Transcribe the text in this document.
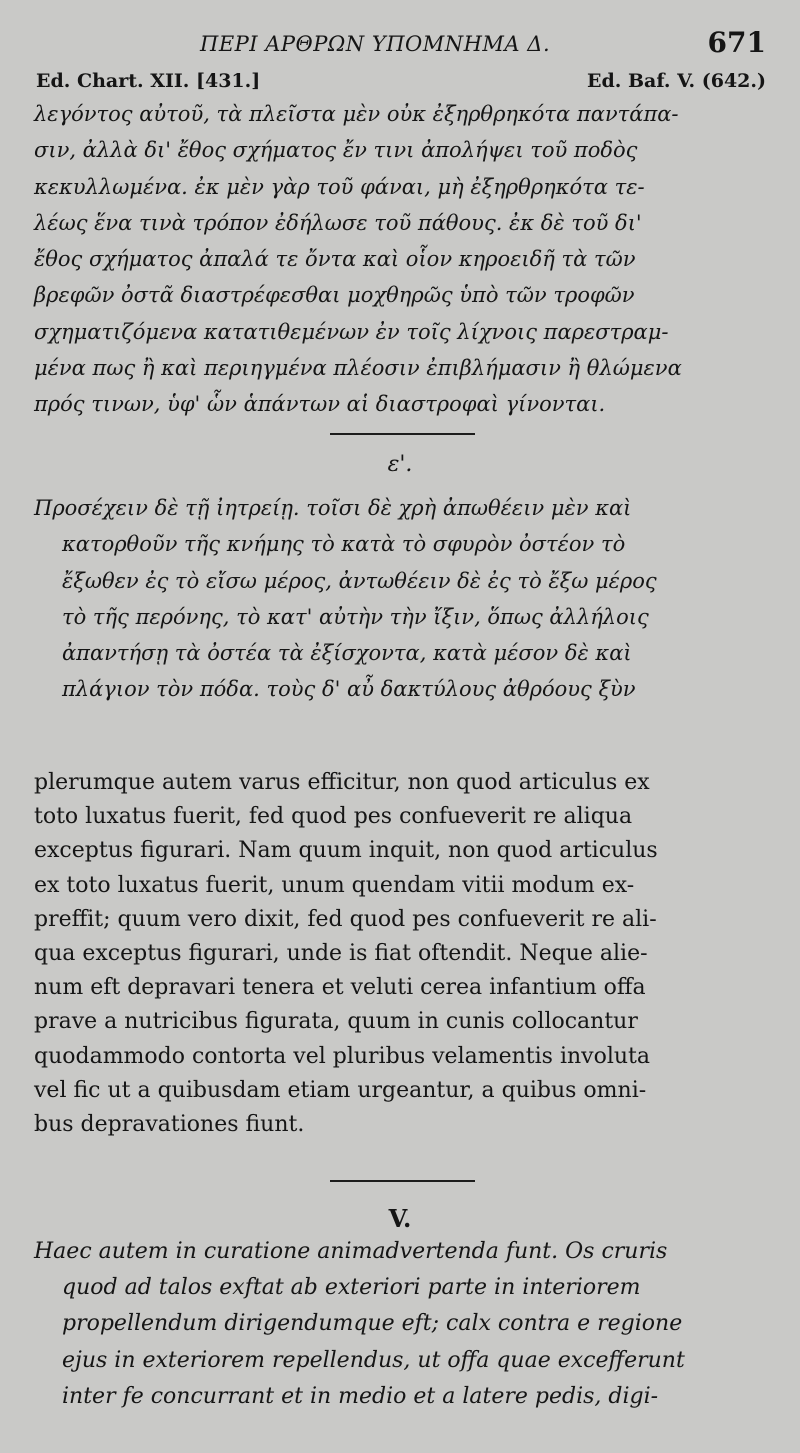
ΠΕΡΙ ΑΡΘΡΩΝ ΥΠΟΜΝΗΜΑ Δ.	671
Ed. Chart. XII. [431.]	Ed. Baf. V. (642.)
λεγόντος αὐτοῦ, τὰ πλεῖστα μὲν οὐκ ἐξηρθρηκότα παντάπα-
σιν, ἀλλὰ δι' ἔθος σχήματος ἔν τινι ἀπολήψει τοῦ ποδὸς
κεκυλλωμένα. ἐκ μὲν γὰρ τοῦ φάναι, μὴ ἐξηρθρηκότα τε-
λέως ἕνα τινὰ τρόπον ἐδήλωσε τοῦ πάθους. ἐκ δὲ τοῦ δι'
ἔθος σχήματος ἀπαλά τε ὄντα καὶ οἷον κηροειδῆ τὰ τῶν
βρεφῶν ὀστᾶ διαστρέφεσθαι μοχθηρῶς ὑπὸ τῶν τροφῶν
σχηματιζόμενα κατατιθεμένων ἐν τοῖς λίχνοις παρεστραμ-
μένα πως ἢ καὶ περιηγμένα πλέοσιν ἐπιβλήμασιν ἢ θλώμενα
πρός τινων, ὑφ' ὧν ἁπάντων αἱ διαστροφαὶ γίνονται.
ε'.
Προσέχειν δὲ τῇ ἰητρείῃ. τοῖσι δὲ χρὴ ἀπωθέειν μὲν καὶ
κατορθοῦν τῆς κνήμης τὸ κατὰ τὸ σφυρὸν ὀστέον τὸ
ἔξωθεν ἐς τὸ εἴσω μέρος, ἀντωθέειν δὲ ἐς τὸ ἔξω μέρος
τὸ τῆς περόνης, τὸ κατ' αὐτὴν τὴν ἴξιν, ὅπως ἀλλήλοις
ἀπαντήσῃ τὰ ὀστέα τὰ ἐξίσχοντα, κατὰ μέσον δὲ καὶ
πλάγιον τὸν πόδα. τοὺς δ' αὖ δακτύλους ἀθρόους ξὺν
plerumque autem varus efficitur, non quod articulus ex
toto luxatus fuerit, fed quod pes confueverit re aliqua
exceptus figurari. Nam quum inquit, non quod articulus
ex toto luxatus fuerit, unum quendam vitii modum ex-
preffit; quum vero dixit, fed quod pes confueverit re ali-
qua exceptus figurari, unde is fiat oftendit. Neque alie-
num eft depravari tenera et veluti cerea infantium offa
prave a nutricibus figurata, quum in cunis collocantur
quodammodo contorta vel pluribus velamentis involuta
vel fic ut a quibusdam etiam urgeantur, a quibus omni-
bus depravationes fiunt.
V.
Haec autem in curatione animadvertenda funt. Os cruris
quod ad talos exftat ab exteriori parte in interiorem
propellendum dirigendumque eft; calx contra e regione
ejus in exteriorem repellendus, ut offa quae excefferunt
inter fe concurrant et in medio et a latere pedis, digi-
